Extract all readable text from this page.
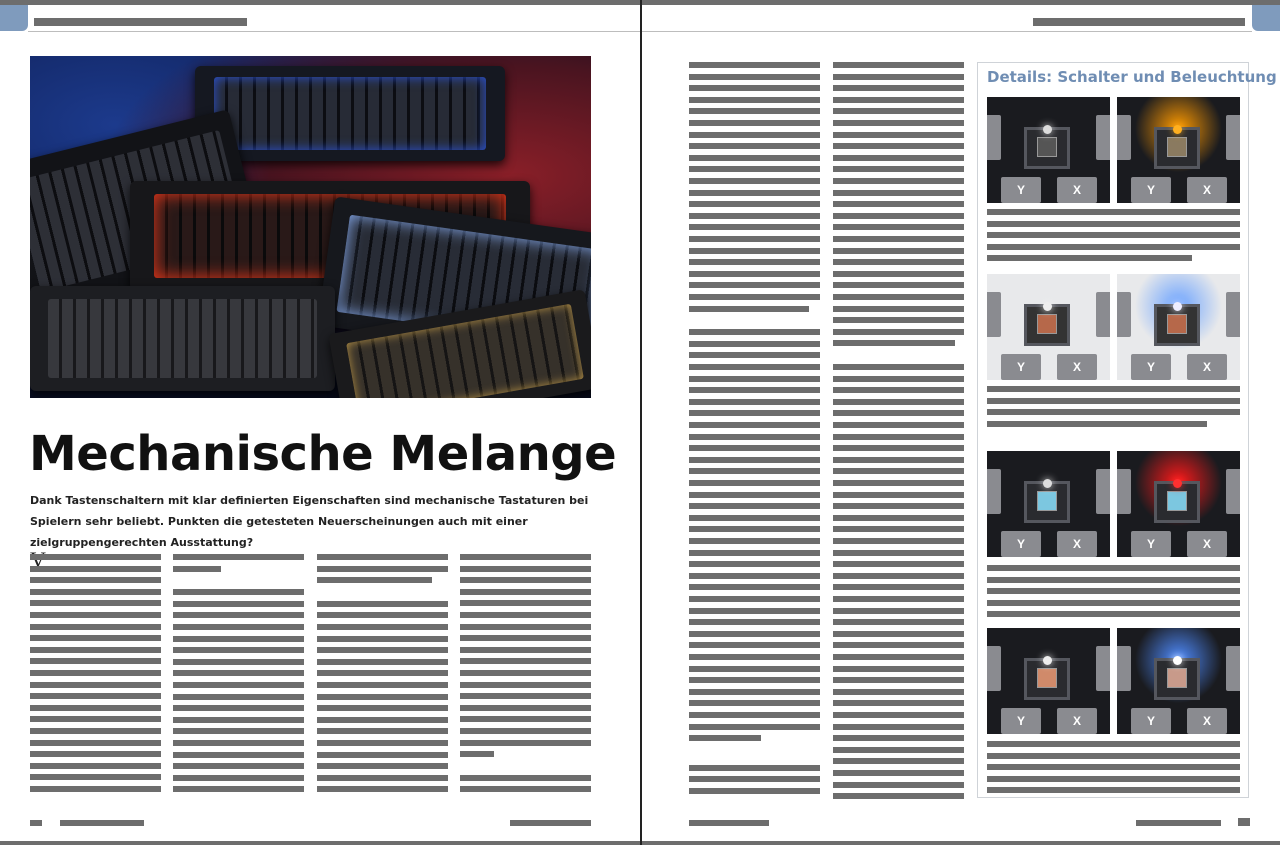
Mechanische Melange

Dank Tastenschaltern mit klar definierten Eigenschaften sind mechanische Tastaturen bei Spielern sehr beliebt. Punkten die getesteten Neuerscheinungen auch mit einer zielgruppengerechten Ausstattung?

Details: Schalter und Beleuchtung
Y	X	Y	X
Y	X	Y	X
Y	X	Y	X
Y	X	Y	X
